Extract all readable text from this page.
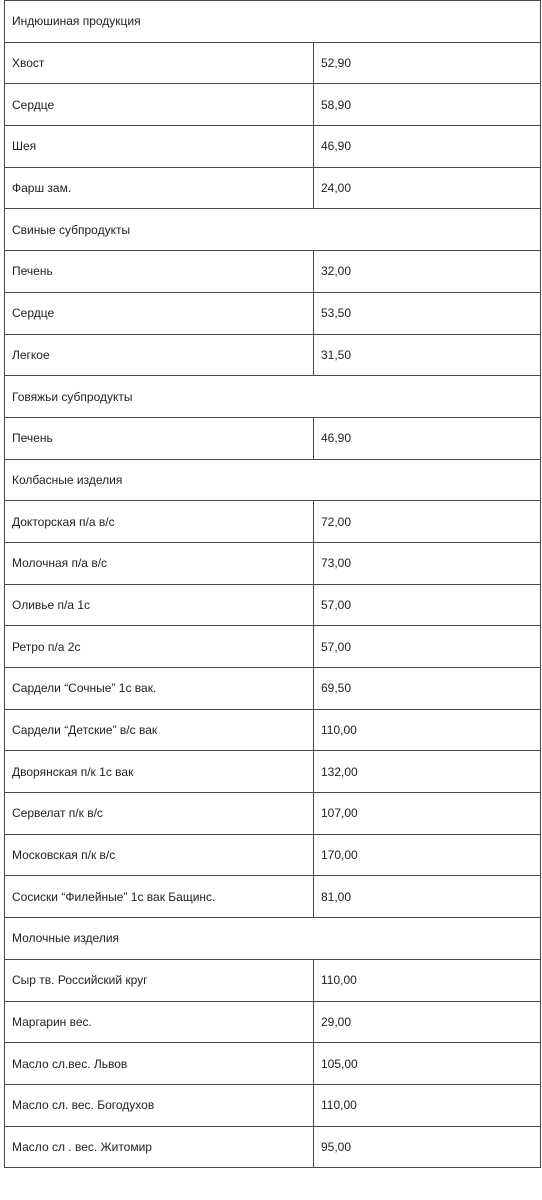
Индюшиная продукция	
Хвост	52,90
Сердце	58,90
Шея	46,90
Фарш зам.	24,00
Свиные субпродукты	
Печень	32,00
Сердце	53,50
Легкое	31,50
Говяжьи субпродукты	
Печень	46,90
Колбасные изделия	
Докторская п/а в/с	72,00
Молочная п/а в/с	73,00
Оливье п/а 1с	57,00
Ретро п/а 2с	57,00
Сардели “Сочные” 1с вак.	69,50
Сардели “Детские” в/с вак	110,00
Дворянская п/к 1с вак	132,00
Сервелат п/к в/с	107,00
Московская п/к в/с	170,00
Сосиски “Филейные” 1с вак Бащинс.	81,00
Молочные изделия	
Сыр тв. Российский круг	110,00
Маргарин вес.	29,00
Масло сл.вес. Львов	105,00
Масло сл. вес. Богодухов	110,00
Масло сл . вес. Житомир	95,00
